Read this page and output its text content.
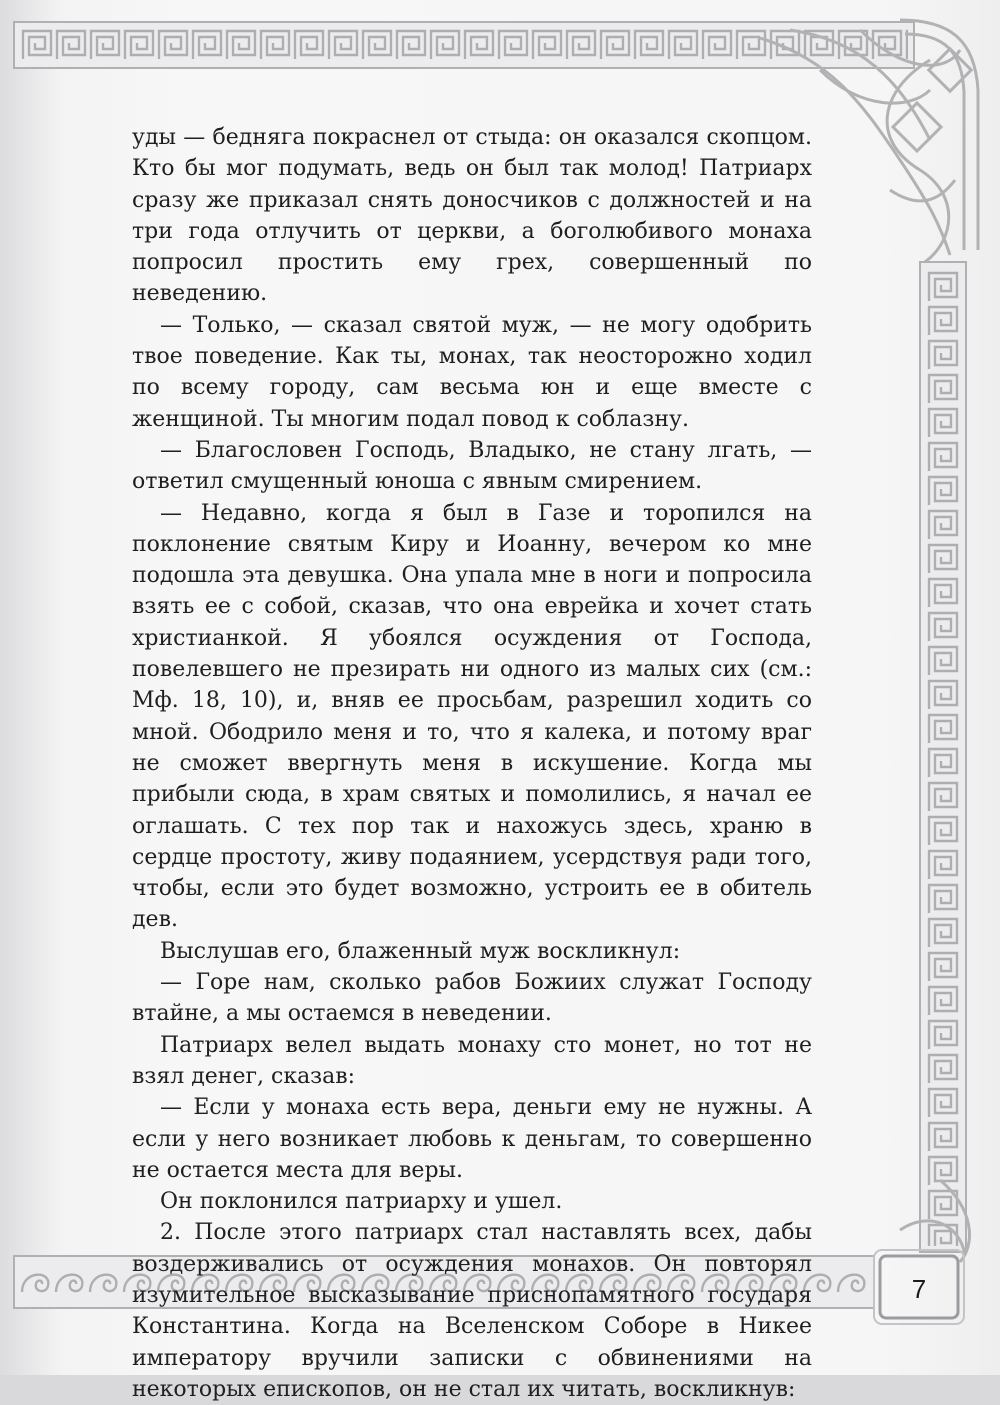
уды — бедняга покраснел от стыда: он оказался скопцом. Кто бы мог подумать, ведь он был так молод! Патриарх сразу же приказал снять доносчиков с должностей и на три года отлучить от церкви, а боголюбивого монаха попросил простить ему грех, совершенный по неведению.

— Только, — сказал святой муж, — не могу одобрить твое поведение. Как ты, монах, так неосторожно ходил по всему городу, сам весьма юн и еще вместе с женщиной. Ты многим подал повод к соблазну.

— Благословен Господь, Владыко, не стану лгать, — ответил смущенный юноша с явным смирением.

— Недавно, когда я был в Газе и торопился на поклонение святым Киру и Иоанну, вечером ко мне подошла эта девушка. Она упала мне в ноги и попросила взять ее с собой, сказав, что она еврейка и хочет стать христианкой. Я убоялся осуждения от Господа, повелевшего не презирать ни одного из малых сих (см.: Мф. 18, 10), и, вняв ее просьбам, разрешил ходить со мной. Ободрило меня и то, что я калека, и потому враг не сможет ввергнуть меня в искушение. Когда мы прибыли сюда, в храм святых и помолились, я начал ее оглашать. С тех пор так и нахожусь здесь, храню в сердце простоту, живу подаянием, усердствуя ради того, чтобы, если это будет возможно, устроить ее в обитель дев.

Выслушав его, блаженный муж воскликнул:

— Горе нам, сколько рабов Божиих служат Господу втайне, а мы остаемся в неведении.

Патриарх велел выдать монаху сто монет, но тот не взял денег, сказав:

— Если у монаха есть вера, деньги ему не нужны. А если у него возникает любовь к деньгам, то совершенно не остается места для веры.

Он поклонился патриарху и ушел.

2. После этого патриарх стал наставлять всех, дабы воздерживались от осуждения монахов. Он повторял изумительное высказывание приснопамятного государя Константина. Когда на Вселенском Соборе в Никее императору вручили записки с обвинениями на некоторых епископов, он не стал их читать, воскликнув:

7
